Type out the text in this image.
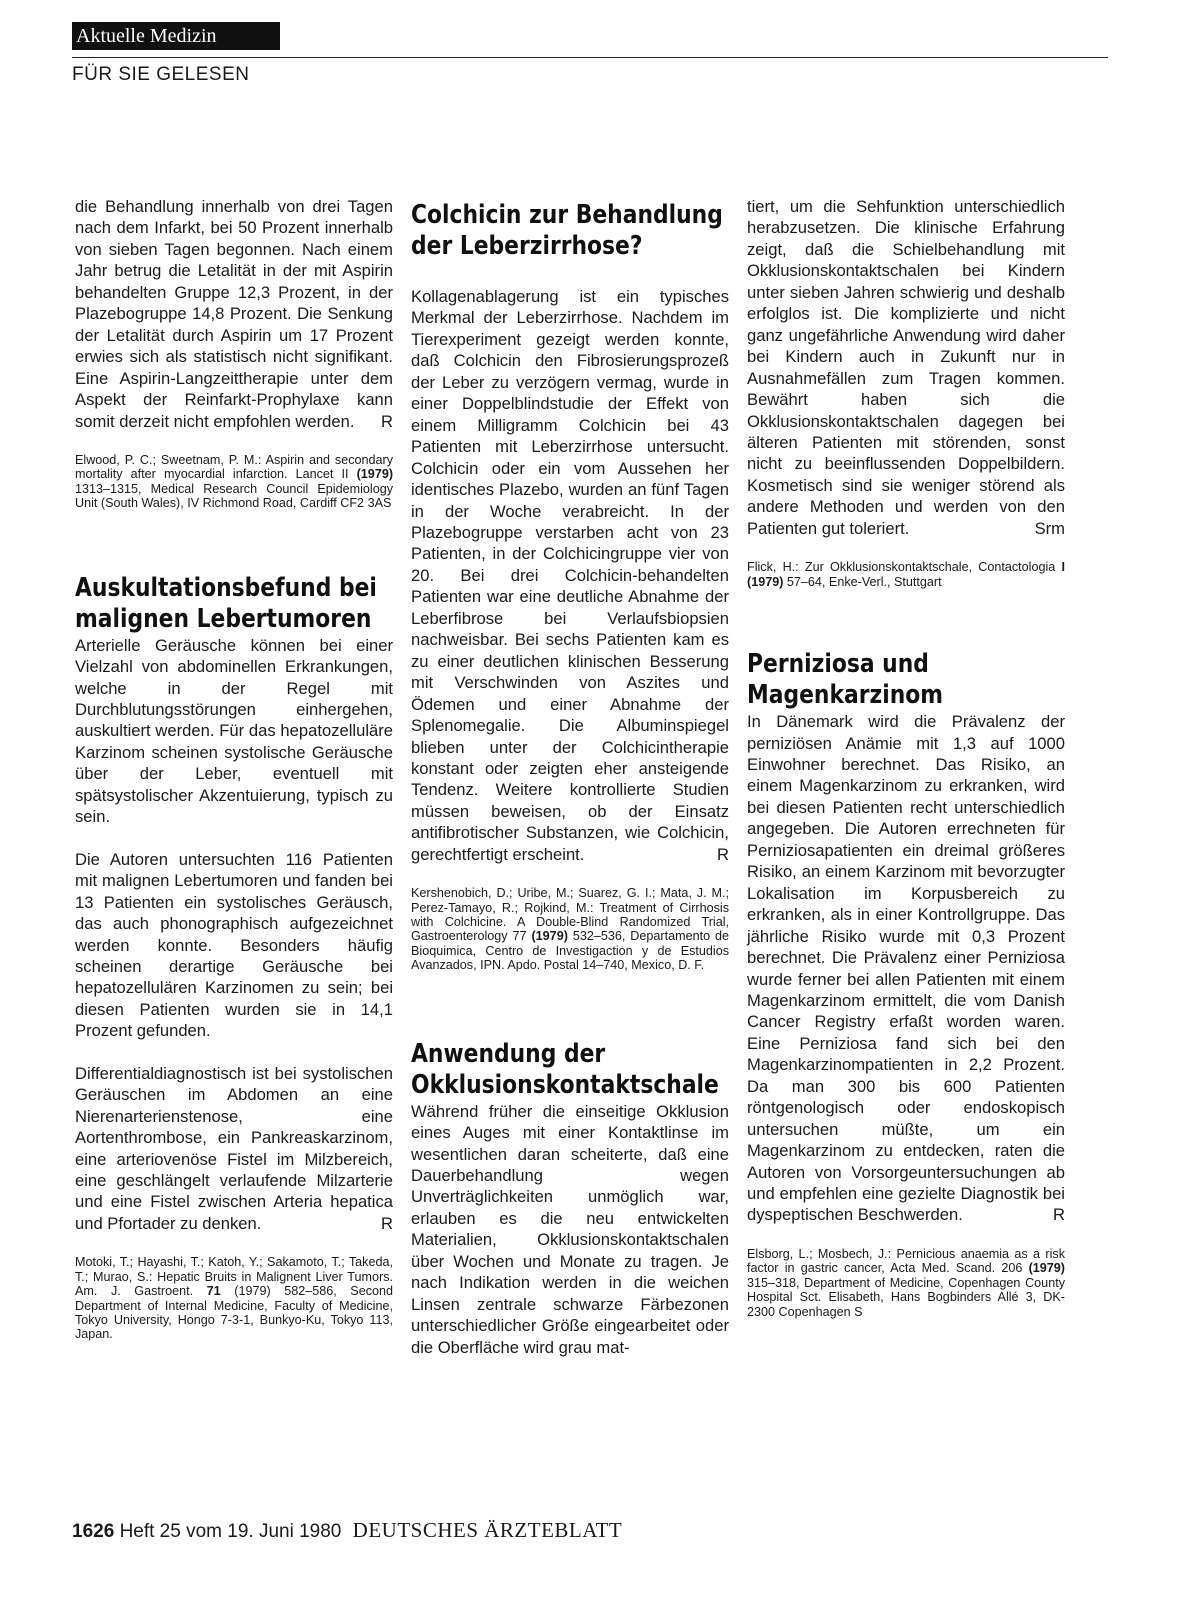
Aktuelle Medizin
FÜR SIE GELESEN

die Behandlung innerhalb von drei Tagen nach dem Infarkt, bei 50 Prozent innerhalb von sieben Tagen begonnen. Nach einem Jahr betrug die Letalität in der mit Aspirin behandelten Gruppe 12,3 Prozent, in der Plazebogruppe 14,8 Prozent. Die Senkung der Letalität durch Aspirin um 17 Prozent erwies sich als statistisch nicht signifikant. Eine Aspirin-Langzeittherapie unter dem Aspekt der Reinfarkt-Prophylaxe kann somit derzeit nicht empfohlen werden. R

Elwood, P. C.; Sweetnam, P. M.: Aspirin and secondary mortality after myocardial infarction. Lancet II (1979) 1313–1315, Medical Research Council Epidemiology Unit (South Wales), IV Richmond Road, Cardiff CF2 3AS

Auskultationsbefund bei malignen Lebertumoren

Arterielle Geräusche können bei einer Vielzahl von abdominellen Erkrankungen, welche in der Regel mit Durchblutungsstörungen einhergehen, auskultiert werden. Für das hepatozelluläre Karzinom scheinen systolische Geräusche über der Leber, eventuell mit spätsystolischer Akzentuierung, typisch zu sein.

Die Autoren untersuchten 116 Patienten mit malignen Lebertumoren und fanden bei 13 Patienten ein systolisches Geräusch, das auch phonographisch aufgezeichnet werden konnte. Besonders häufig scheinen derartige Geräusche bei hepatozellulären Karzinomen zu sein; bei diesen Patienten wurden sie in 14,1 Prozent gefunden.

Differentialdiagnostisch ist bei systolischen Geräuschen im Abdomen an eine Nierenarterienstenose, eine Aortenthrombose, ein Pankreaskarzinom, eine arteriovenöse Fistel im Milzbereich, eine geschlängelt verlaufende Milzarterie und eine Fistel zwischen Arteria hepatica und Pfortader zu denken.	R

Motoki, T.; Hayashi, T.; Katoh, Y.; Sakamoto, T.; Takeda, T.; Murao, S.: Hepatic Bruits in Malignent Liver Tumors. Am. J. Gastroent. 71 (1979) 582–586, Second Department of Internal Medicine, Faculty of Medicine, Tokyo University, Hongo 7-3-1, Bunkyo-Ku, Tokyo 113, Japan.

Colchicin zur Behandlung der Leberzirrhose?

Kollagenablagerung ist ein typisches Merkmal der Leberzirrhose. Nachdem im Tierexperiment gezeigt werden konnte, daß Colchicin den Fibrosierungsprozeß der Leber zu verzögern vermag, wurde in einer Doppelblindstudie der Effekt von einem Milligramm Colchicin bei 43 Patienten mit Leberzirrhose untersucht. Colchicin oder ein vom Aussehen her identisches Plazebo, wurden an fünf Tagen in der Woche verabreicht. In der Plazebogruppe verstarben acht von 23 Patienten, in der Colchicingruppe vier von 20. Bei drei Colchicin-behandelten Patienten war eine deutliche Abnahme der Leberfibrose bei Verlaufsbiopsien nachweisbar. Bei sechs Patienten kam es zu einer deutlichen klinischen Besserung mit Verschwinden von Aszites und Ödemen und einer Abnahme der Splenomegalie. Die Albuminspiegel blieben unter der Colchicintherapie konstant oder zeigten eher ansteigende Tendenz. Weitere kontrollierte Studien müssen beweisen, ob der Einsatz antifibrotischer Substanzen, wie Colchicin, gerechtfertigt erscheint.	R

Kershenobich, D.; Uribe, M.; Suarez, G. I.; Mata, J. M.; Perez-Tamayo, R.; Rojkind, M.: Treatment of Cirrhosis with Colchicine. A Double-Blind Randomized Trial, Gastroenterology 77 (1979) 532–536, Departamento de Bioquimica, Centro de Investigaction y de Estudios Avanzados, IPN. Apdo. Postal 14–740, Mexico, D. F.

Anwendung der Okklusionskontaktschale

Während früher die einseitige Okklusion eines Auges mit einer Kontaktlinse im wesentlichen daran scheiterte, daß eine Dauerbehandlung wegen Unverträglichkeiten unmöglich war, erlauben es die neu entwickelten Materialien, Okklusionskontaktschalen über Wochen und Monate zu tragen. Je nach Indikation werden in die weichen Linsen zentrale schwarze Färbezonen unterschiedlicher Größe eingearbeitet oder die Oberfläche wird grau mat-

tiert, um die Sehfunktion unterschiedlich herabzusetzen. Die klinische Erfahrung zeigt, daß die Schielbehandlung mit Okklusionskontaktschalen bei Kindern unter sieben Jahren schwierig und deshalb erfolglos ist. Die komplizierte und nicht ganz ungefährliche Anwendung wird daher bei Kindern auch in Zukunft nur in Ausnahmefällen zum Tragen kommen. Bewährt haben sich die Okklusionskontaktschalen dagegen bei älteren Patienten mit störenden, sonst nicht zu beeinflussenden Doppelbildern. Kosmetisch sind sie weniger störend als andere Methoden und werden von den Patienten gut toleriert.	Srm

Flick, H.: Zur Okklusionskontaktschale, Contactologia I (1979) 57–64, Enke-Verl., Stuttgart

Perniziosa und Magenkarzinom

In Dänemark wird die Prävalenz der perniziösen Anämie mit 1,3 auf 1000 Einwohner berechnet. Das Risiko, an einem Magenkarzinom zu erkranken, wird bei diesen Patienten recht unterschiedlich angegeben. Die Autoren errechneten für Perniziosapatienten ein dreimal größeres Risiko, an einem Karzinom mit bevorzugter Lokalisation im Korpusbereich zu erkranken, als in einer Kontrollgruppe. Das jährliche Risiko wurde mit 0,3 Prozent berechnet. Die Prävalenz einer Perniziosa wurde ferner bei allen Patienten mit einem Magenkarzinom ermittelt, die vom Danish Cancer Registry erfaßt worden waren. Eine Perniziosa fand sich bei den Magenkarzinompatienten in 2,2 Prozent. Da man 300 bis 600 Patienten röntgenologisch oder endoskopisch untersuchen müßte, um ein Magenkarzinom zu entdecken, raten die Autoren von Vorsorgeuntersuchungen ab und empfehlen eine gezielte Diagnostik bei dyspeptischen Beschwerden.	R

Elsborg, L.; Mosbech, J.: Pernicious anaemia as a risk factor in gastric cancer, Acta Med. Scand. 206 (1979) 315–318, Department of Medicine, Copenhagen County Hospital Sct. Elisabeth, Hans Bogbinders Allé 3, DK-2300 Copenhagen S

1626 Heft 25 vom 19. Juni 1980 DEUTSCHES ÄRZTEBLATT
